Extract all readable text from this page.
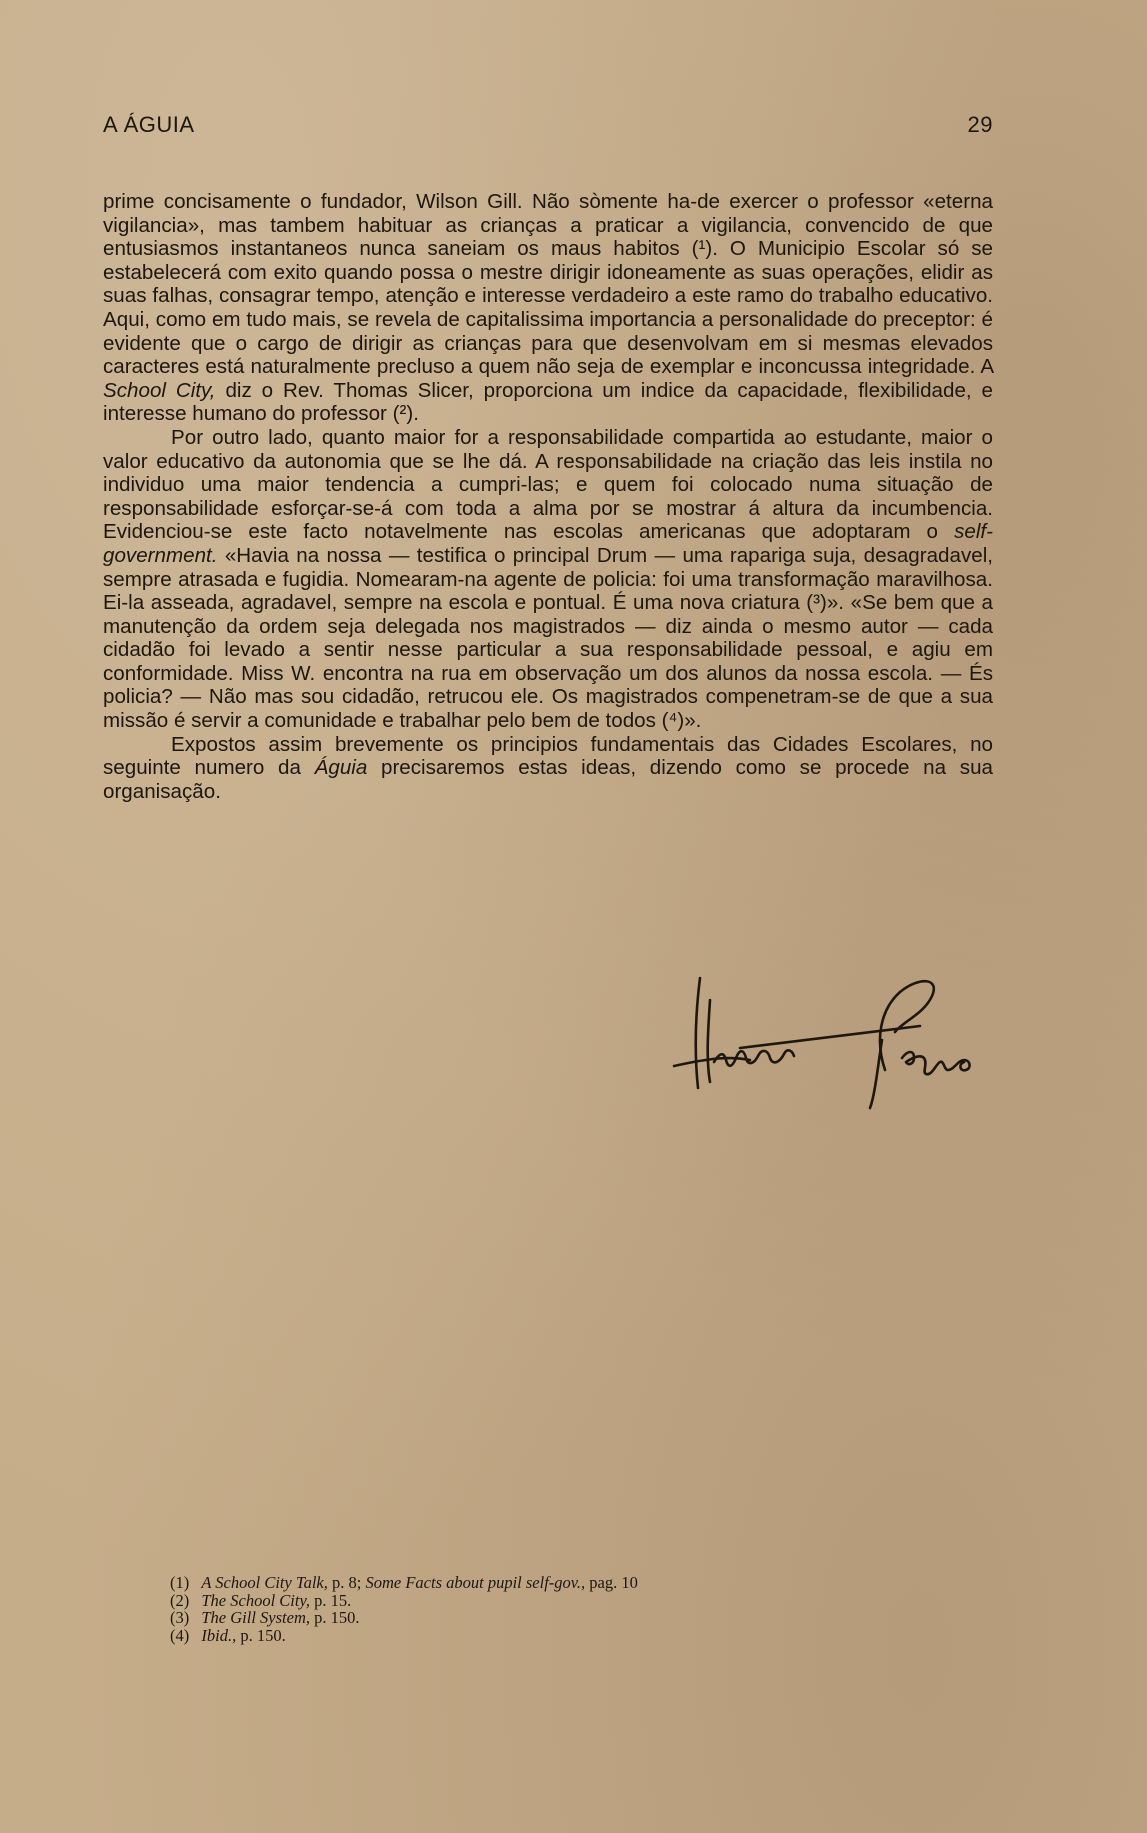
A ÁGUIA	29

prime concisamente o fundador, Wilson Gill. Não sòmente ha-de exercer o professor «eterna vigilancia», mas tambem habituar as crianças a praticar a vigilancia, convencido de que entusiasmos instantaneos nunca saneiam os maus habitos (¹). O Municipio Escolar só se estabelecerá com exito quando possa o mestre dirigir idoneamente as suas operações, elidir as suas falhas, consagrar tempo, atenção e interesse verdadeiro a este ramo do trabalho educativo. Aqui, como em tudo mais, se revela de capitalissima importancia a personalidade do preceptor: é evidente que o cargo de dirigir as crianças para que desenvolvam em si mesmas elevados caracteres está naturalmente precluso a quem não seja de exemplar e inconcussa integridade. A School City, diz o Rev. Thomas Slicer, proporciona um indice da capacidade, flexibilidade, e interesse humano do professor (²).

Por outro lado, quanto maior for a responsabilidade compartida ao estudante, maior o valor educativo da autonomia que se lhe dá. A responsabilidade na criação das leis instila no individuo uma maior tendencia a cumpri-las; e quem foi colocado numa situação de responsabilidade esforçar-se-á com toda a alma por se mostrar á altura da incumbencia. Evidenciou-se este facto notavelmente nas escolas americanas que adoptaram o self-government. «Havia na nossa — testifica o principal Drum — uma rapariga suja, desagradavel, sempre atrasada e fugidia. Nomearam-na agente de policia: foi uma transformação maravilhosa. Ei-la asseada, agradavel, sempre na escola e pontual. É uma nova criatura (³)». «Se bem que a manutenção da ordem seja delegada nos magistrados — diz ainda o mesmo autor — cada cidadão foi levado a sentir nesse particular a sua responsabilidade pessoal, e agiu em conformidade. Miss W. encontra na rua em observação um dos alunos da nossa escola. — És policia? — Não mas sou cidadão, retrucou ele. Os magistrados compenetram-se de que a sua missão é servir a comunidade e trabalhar pelo bem de todos (⁴)».

Expostos assim brevemente os principios fundamentais das Cidades Escolares, no seguinte numero da Águia precisaremos estas ideas, dizendo como se procede na sua organisação.

(1) A School City Talk, p. 8; Some Facts about pupil self-gov., pag. 10
(2) The School City, p. 15.
(3) The Gill System, p. 150.
(4) Ibid., p. 150.
